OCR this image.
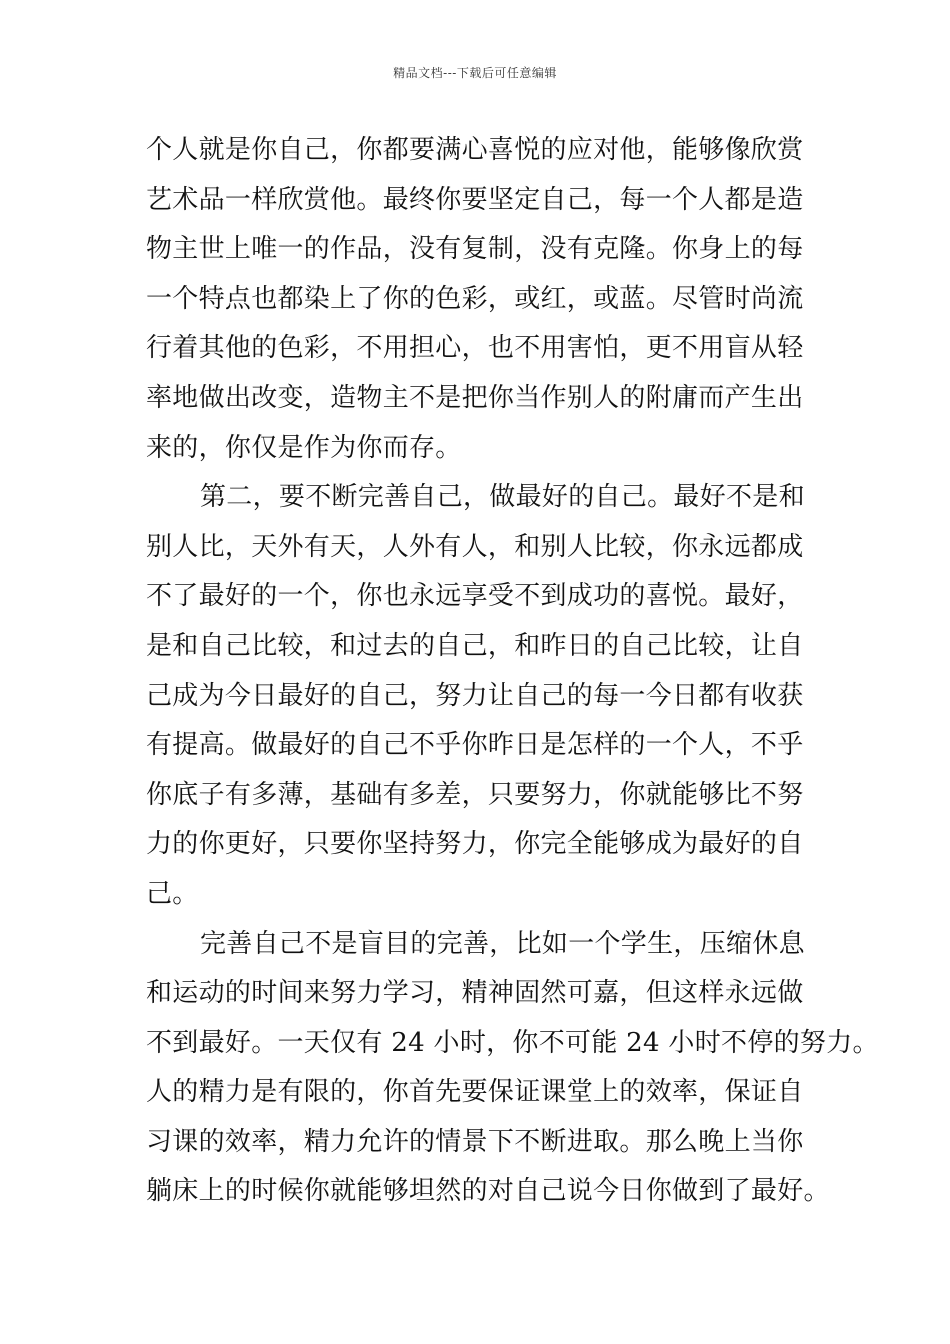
精品文档---下载后可任意编辑
个人就是你自己，你都要满心喜悦的应对他，能够像欣赏
艺术品一样欣赏他。最终你要坚定自己，每一个人都是造
物主世上唯一的作品，没有复制，没有克隆。你身上的每
一个特点也都染上了你的色彩，或红，或蓝。尽管时尚流
行着其他的色彩，不用担心，也不用害怕，更不用盲从轻
率地做出改变，造物主不是把你当作别人的附庸而产生出
来的，你仅是作为你而存。
第二，要不断完善自己，做最好的自己。最好不是和
别人比，天外有天，人外有人，和别人比较，你永远都成
不了最好的一个，你也永远享受不到成功的喜悦。最好，
是和自己比较，和过去的自己，和昨日的自己比较，让自
己成为今日最好的自己，努力让自己的每一今日都有收获
有提高。做最好的自己不乎你昨日是怎样的一个人，不乎
你底子有多薄，基础有多差，只要努力，你就能够比不努
力的你更好，只要你坚持努力，你完全能够成为最好的自
己。
完善自己不是盲目的完善，比如一个学生，压缩休息
和运动的时间来努力学习，精神固然可嘉，但这样永远做
不到最好。一天仅有 24 小时，你不可能 24 小时不停的努力。
人的精力是有限的，你首先要保证课堂上的效率，保证自
习课的效率，精力允许的情景下不断进取。那么晚上当你
躺床上的时候你就能够坦然的对自己说今日你做到了最好。
